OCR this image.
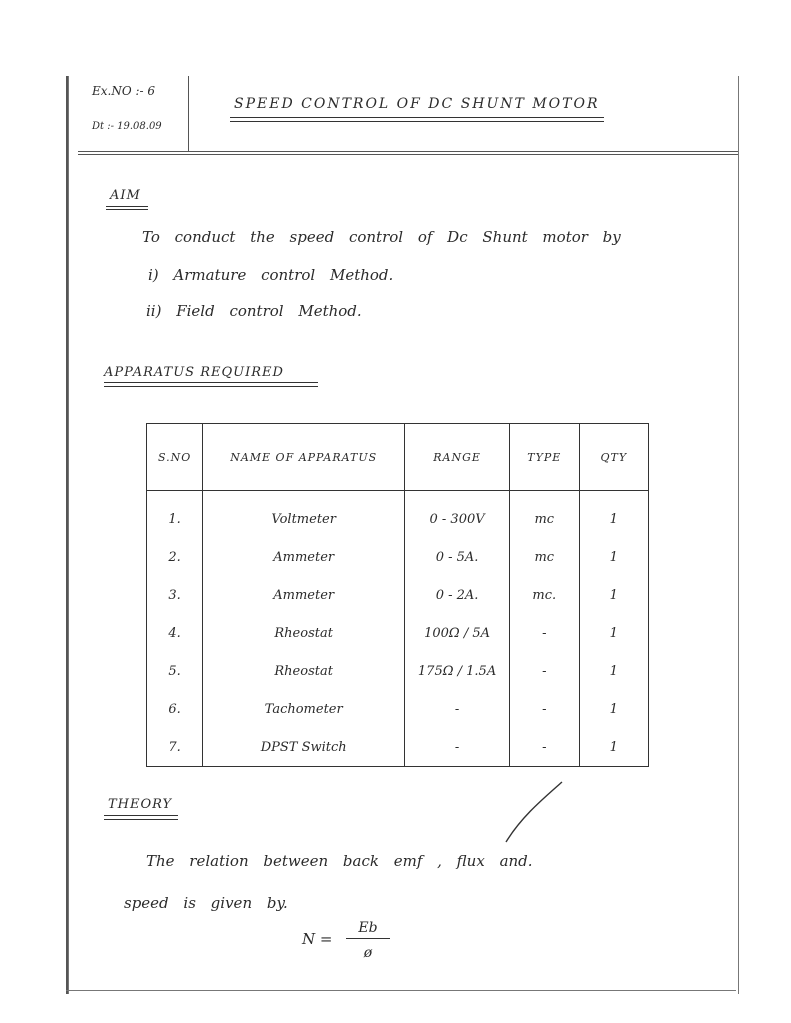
Ex.NO :- 6
Dt :- 19.08.09
SPEED CONTROL OF DC SHUNT MOTOR
AIM
To conduct the speed control of Dc Shunt motor by
i) Armature control Method.
ii) Field control Method.
APPARATUS REQUIRED
S.NO	NAME OF APPARATUS	RANGE	TYPE	QTY
1.	Voltmeter	0 - 300V	mc	1
2.	Ammeter	0 - 5A.	mc	1
3.	Ammeter	0 - 2A.	mc.	1
4.	Rheostat	100Ω / 5A	-	1
5.	Rheostat	175Ω / 1.5A	-	1
6.	Tachometer	-	-	1
7.	DPST Switch	-	-	1
THEORY
The relation between back emf , flux and.
speed is given by.
$N = \frac{Eb}{ø}$
